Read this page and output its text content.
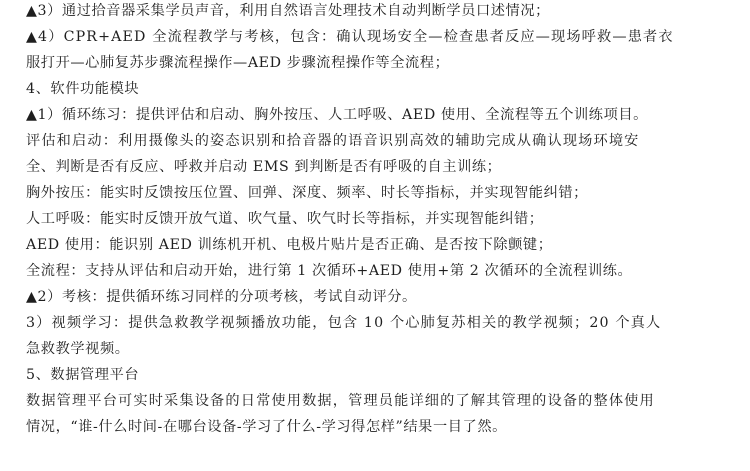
▲3）通过拾音器采集学员声音，利用自然语言处理技术自动判断学员口述情况；
▲4）CPR+AED 全流程教学与考核，包含：确认现场安全—检查患者反应—现场呼救—患者衣
服打开—心肺复苏步骤流程操作—AED 步骤流程操作等全流程；
4、软件功能模块
▲1）循环练习：提供评估和启动、胸外按压、人工呼吸、AED 使用、全流程等五个训练项目。
评估和启动：利用摄像头的姿态识别和拾音器的语音识别高效的辅助完成从确认现场环境安
全、判断是否有反应、呼救并启动 EMS 到判断是否有呼吸的自主训练；
胸外按压：能实时反馈按压位置、回弹、深度、频率、时长等指标，并实现智能纠错；
人工呼吸：能实时反馈开放气道、吹气量、吹气时长等指标，并实现智能纠错；
AED 使用：能识别 AED 训练机开机、电极片贴片是否正确、是否按下除颤键；
全流程：支持从评估和启动开始，进行第 1 次循环+AED 使用+第 2 次循环的全流程训练。
▲2）考核：提供循环练习同样的分项考核，考试自动评分。
3）视频学习：提供急救教学视频播放功能，包含 10 个心肺复苏相关的教学视频；20 个真人
急救教学视频。
5、数据管理平台
数据管理平台可实时采集设备的日常使用数据，管理员能详细的了解其管理的设备的整体使用
情况，“谁-什么时间-在哪台设备-学习了什么-学习得怎样”结果一目了然。
